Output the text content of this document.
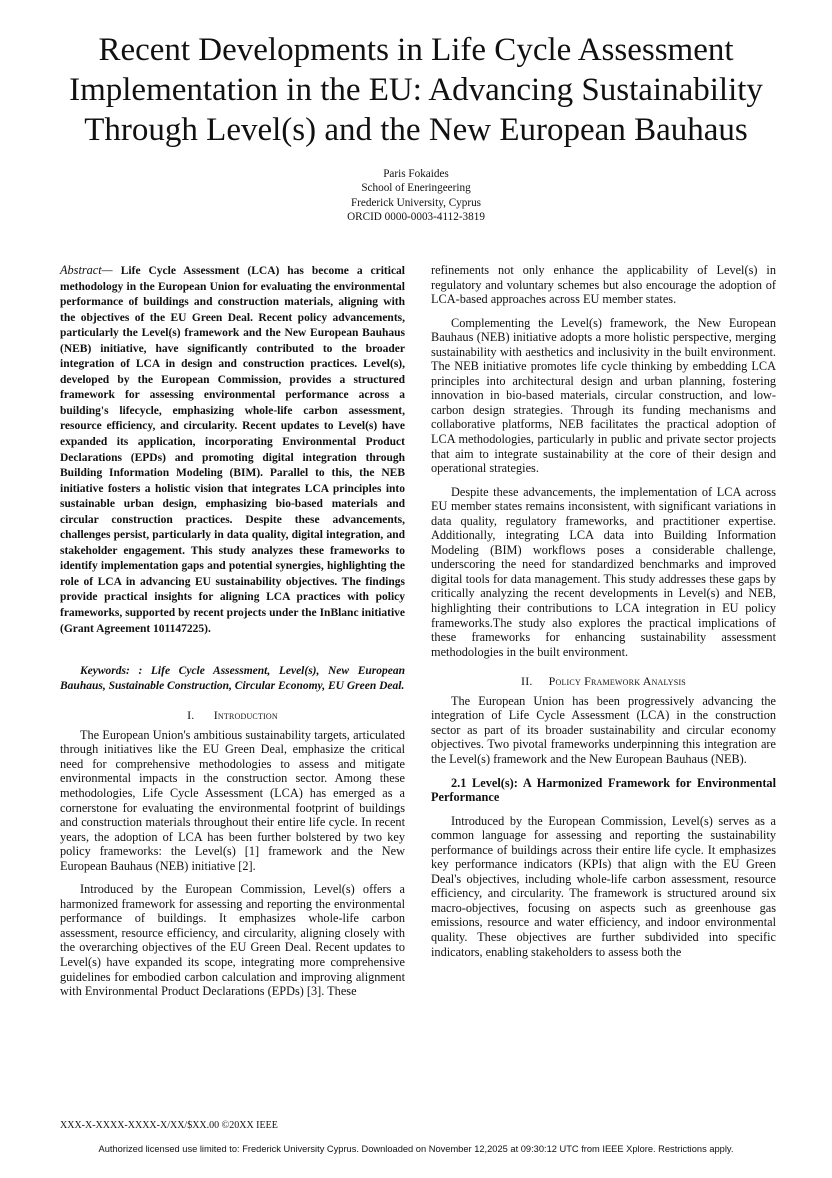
Recent Developments in Life Cycle Assessment Implementation in the EU: Advancing Sustainability Through Level(s) and the New European Bauhaus
Paris Fokaides
School of Eneringeering
Frederick University, Cyprus
ORCID 0000-0003-4112-3819

Abstract— Life Cycle Assessment (LCA) has become a critical methodology in the European Union for evaluating the environmental performance of buildings and construction materials, aligning with the objectives of the EU Green Deal. Recent policy advancements, particularly the Level(s) framework and the New European Bauhaus (NEB) initiative, have significantly contributed to the broader integration of LCA in design and construction practices. Level(s), developed by the European Commission, provides a structured framework for assessing environmental performance across a building's lifecycle, emphasizing whole-life carbon assessment, resource efficiency, and circularity. Recent updates to Level(s) have expanded its application, incorporating Environmental Product Declarations (EPDs) and promoting digital integration through Building Information Modeling (BIM). Parallel to this, the NEB initiative fosters a holistic vision that integrates LCA principles into sustainable urban design, emphasizing bio-based materials and circular construction practices. Despite these advancements, challenges persist, particularly in data quality, digital integration, and stakeholder engagement. This study analyzes these frameworks to identify implementation gaps and potential synergies, highlighting the role of LCA in advancing EU sustainability objectives. The findings provide practical insights for aligning LCA practices with policy frameworks, supported by recent projects under the InBlanc initiative (Grant Agreement 101147225).

Keywords: : Life Cycle Assessment, Level(s), New European Bauhaus, Sustainable Construction, Circular Economy, EU Green Deal.

I.      Introduction

The European Union's ambitious sustainability targets, articulated through initiatives like the EU Green Deal, emphasize the critical need for comprehensive methodologies to assess and mitigate environmental impacts in the construction sector. Among these methodologies, Life Cycle Assessment (LCA) has emerged as a cornerstone for evaluating the environmental footprint of buildings and construction materials throughout their entire life cycle. In recent years, the adoption of LCA has been further bolstered by two key policy frameworks: the Level(s) [1] framework and the New European Bauhaus (NEB) initiative [2].

Introduced by the European Commission, Level(s) offers a harmonized framework for assessing and reporting the environmental performance of buildings. It emphasizes whole-life carbon assessment, resource efficiency, and circularity, aligning closely with the overarching objectives of the EU Green Deal. Recent updates to Level(s) have expanded its scope, integrating more comprehensive guidelines for embodied carbon calculation and improving alignment with Environmental Product Declarations (EPDs) [3]. These

refinements not only enhance the applicability of Level(s) in regulatory and voluntary schemes but also encourage the adoption of LCA-based approaches across EU member states.

Complementing the Level(s) framework, the New European Bauhaus (NEB) initiative adopts a more holistic perspective, merging sustainability with aesthetics and inclusivity in the built environment. The NEB initiative promotes life cycle thinking by embedding LCA principles into architectural design and urban planning, fostering innovation in bio-based materials, circular construction, and low-carbon design strategies. Through its funding mechanisms and collaborative platforms, NEB facilitates the practical adoption of LCA methodologies, particularly in public and private sector projects that aim to integrate sustainability at the core of their design and operational strategies.

Despite these advancements, the implementation of LCA across EU member states remains inconsistent, with significant variations in data quality, regulatory frameworks, and practitioner expertise. Additionally, integrating LCA data into Building Information Modeling (BIM) workflows poses a considerable challenge, underscoring the need for standardized benchmarks and improved digital tools for data management. This study addresses these gaps by critically analyzing the recent developments in Level(s) and NEB, highlighting their contributions to LCA integration in EU policy frameworks.The study also explores the practical implications of these frameworks for enhancing sustainability assessment methodologies in the built environment.

II.     Policy Framework Analysis

The European Union has been progressively advancing the integration of Life Cycle Assessment (LCA) in the construction sector as part of its broader sustainability and circular economy objectives. Two pivotal frameworks underpinning this integration are the Level(s) framework and the New European Bauhaus (NEB).

2.1 Level(s): A Harmonized Framework for Environmental Performance

Introduced by the European Commission, Level(s) serves as a common language for assessing and reporting the sustainability performance of buildings across their entire life cycle. It emphasizes key performance indicators (KPIs) that align with the EU Green Deal's objectives, including whole-life carbon assessment, resource efficiency, and circularity. The framework is structured around six macro-objectives, focusing on aspects such as greenhouse gas emissions, resource and water efficiency, and indoor environmental quality. These objectives are further subdivided into specific indicators, enabling stakeholders to assess both the

XXX-X-XXXX-XXXX-X/XX/$XX.00 ©20XX IEEE
Authorized licensed use limited to: Frederick University Cyprus. Downloaded on November 12,2025 at 09:30:12 UTC from IEEE Xplore. Restrictions apply.
